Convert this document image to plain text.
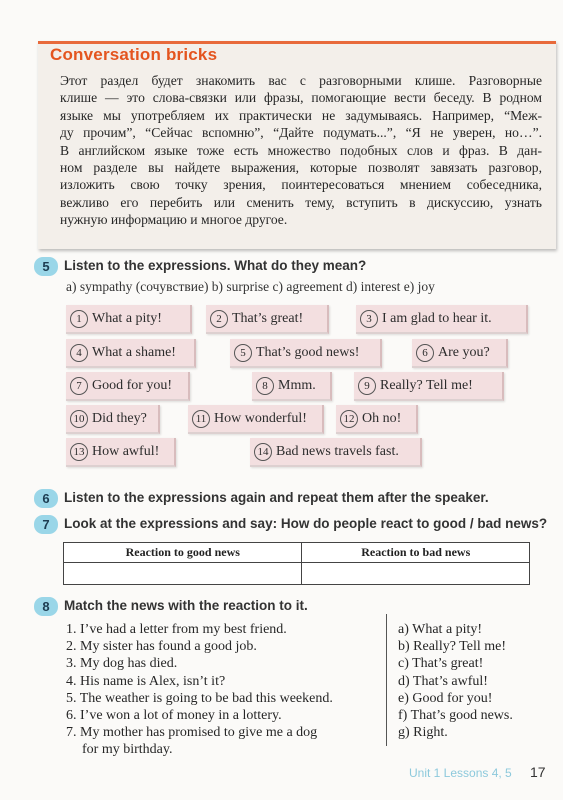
Conversation bricks
Этот раздел будет знакомить вас с разговорными клише. Разговорные
клише — это слова-связки или фразы, помогающие вести беседу. В родном
языке мы употребляем их практически не задумываясь. Например, “Меж-
ду прочим”, “Сейчас вспомню”, “Дайте подумать...”, “Я не уверен, но…”.
В английском языке тоже есть множество подобных слов и фраз. В дан-
ном разделе вы найдете выражения, которые позволят завязать разговор,
изложить свою точку зрения, поинтересоваться мнением собеседника,
вежливо его перебить или сменить тему, вступить в дискуссию, узнать
нужную информацию и многое другое.
5	Listen to the expressions. What do they mean?
a) sympathy (сочувствие) b) surprise c) agreement d) interest e) joy
1 What a pity!	2 That’s great!	3 I am glad to hear it.
4 What a shame!	5 That’s good news!	6 Are you?
7 Good for you!	8 Mmm.	9 Really? Tell me!
10 Did they?	11 How wonderful!	12 Oh no!
13 How awful!	14 Bad news travels fast.
6	Listen to the expressions again and repeat them after the speaker.
7	Look at the expressions and say: How do people react to good / bad news?
Reaction to good news	Reaction to bad news

8	Match the news with the reaction to it.
1. I’ve had a letter from my best friend.
2. My sister has found a good job.
3. My dog has died.
4. His name is Alex, isn’t it?
5. The weather is going to be bad this weekend.
6. I’ve won a lot of money in a lottery.
7. My mother has promised to give me a dog
for my birthday.
a) What a pity!
b) Really? Tell me!
c) That’s great!
d) That’s awful!
e) Good for you!
f) That’s good news.
g) Right.
Unit 1 Lessons 4, 5 17
